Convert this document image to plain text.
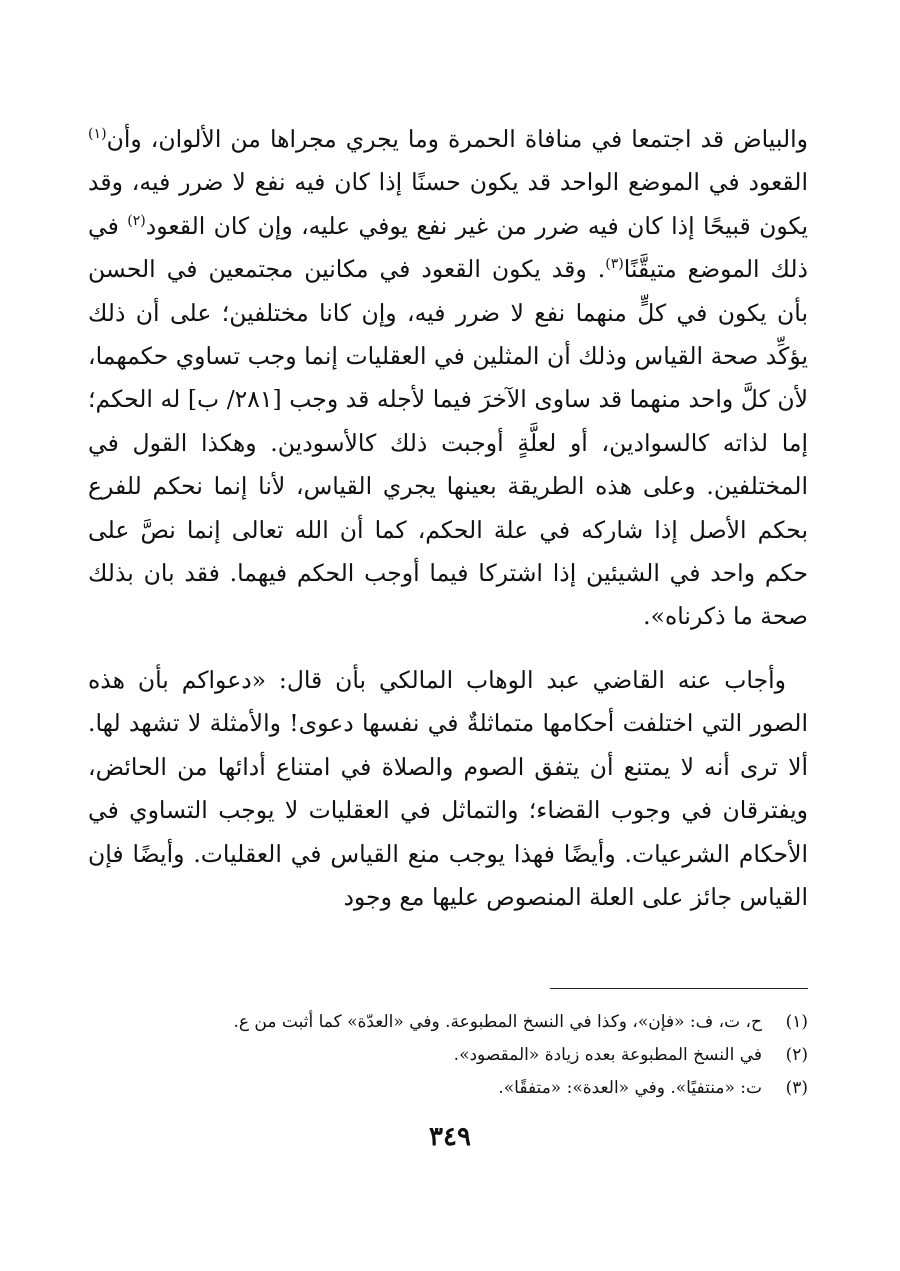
والبياض قد اجتمعا في منافاة الحمرة وما يجري مجراها من الألوان، وأن$^{(١)}$ القعود في الموضع الواحد قد يكون حسنًا إذا كان فيه نفع لا ضرر فيه، وقد يكون قبيحًا إذا كان فيه ضرر من غير نفع يوفي عليه، وإن كان القعود$^{(٢)}$ في ذلك الموضع متيقَّنًا$^{(٣)}$. وقد يكون القعود في مكانين مجتمعين في الحسن بأن يكون في كلٍّ منهما نفع لا ضرر فيه، وإن كانا مختلفين؛ على أن ذلك يؤكِّد صحة القياس وذلك أن المثلين في العقليات إنما وجب تساوي حكمهما، لأن كلَّ واحد منهما قد ساوى الآخرَ فيما لأجله قد وجب [٢٨١/ ب] له الحكم؛ إما لذاته كالسوادين، أو لعلَّةٍ أوجبت ذلك كالأسودين. وهكذا القول في المختلفين. وعلى هذه الطريقة بعينها يجري القياس، لأنا إنما نحكم للفرع بحكم الأصل إذا شاركه في علة الحكم، كما أن الله تعالى إنما نصَّ على حكم واحد في الشيئين إذا اشتركا فيما أوجب الحكم فيهما. فقد بان بذلك صحة ما ذكرناه».

وأجاب عنه القاضي عبد الوهاب المالكي بأن قال: «دعواكم بأن هذه الصور التي اختلفت أحكامها متماثلةٌ في نفسها دعوى! والأمثلة لا تشهد لها. ألا ترى أنه لا يمتنع أن يتفق الصوم والصلاة في امتناع أدائها من الحائض، ويفترقان في وجوب القضاء؛ والتماثل في العقليات لا يوجب التساوي في الأحكام الشرعيات. وأيضًا فهذا يوجب منع القياس في العقليات. وأيضًا فإن القياس جائز على العلة المنصوص عليها مع وجود

(١)ح، ت، ف: «فإن»، وكذا في النسخ المطبوعة. وفي «العدّة» كما أثبت من ع.
(٢)في النسخ المطبوعة بعده زيادة «المقصود».
(٣)ت: «منتفيًا». وفي «العدة»: «متفقًا».
٣٤٩
